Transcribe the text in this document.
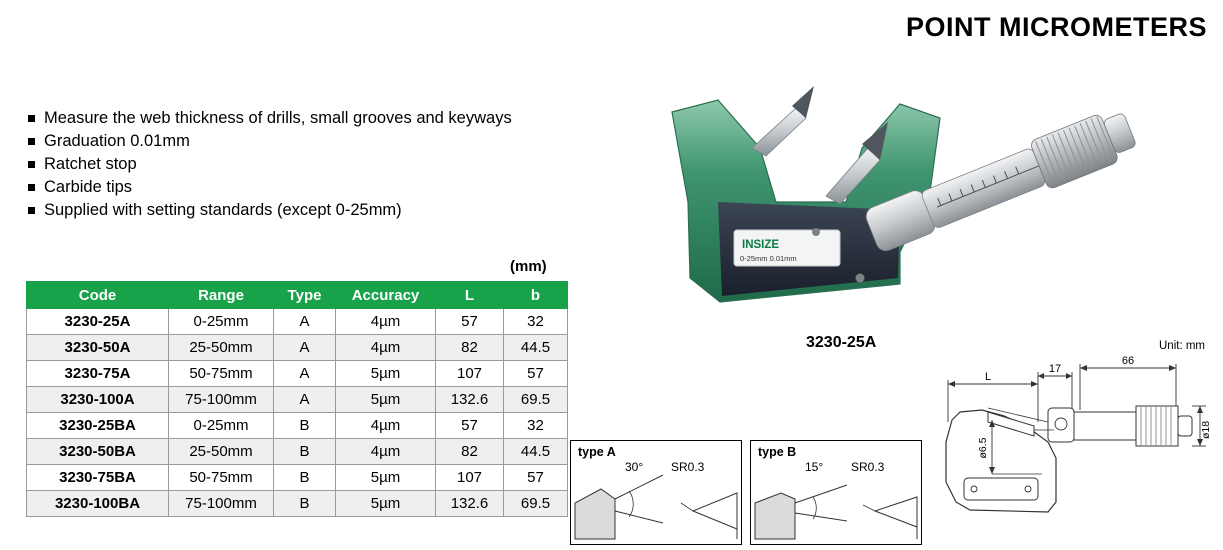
POINT MICROMETERS
Measure the web thickness of drills, small grooves and keyways
Graduation 0.01mm
Ratchet stop
Carbide tips
Supplied with setting standards (except 0-25mm)
(mm)
Code	Range	Type	Accuracy	L	b
3230-25A	0-25mm	A	4µm	57	32
3230-50A	25-50mm	A	4µm	82	44.5
3230-75A	50-75mm	A	5µm	107	57
3230-100A	75-100mm	A	5µm	132.6	69.5
3230-25BA	0-25mm	B	4µm	57	32
3230-50BA	25-50mm	B	4µm	82	44.5
3230-75BA	50-75mm	B	5µm	107	57
3230-100BA	75-100mm	B	5µm	132.6	69.5
INSIZE
0-25mm 0.01mm
3230-25A	Unit: mm
type A
30° SR0.3
type B
15° SR0.3
L
17
66
ø18
ø6.5
